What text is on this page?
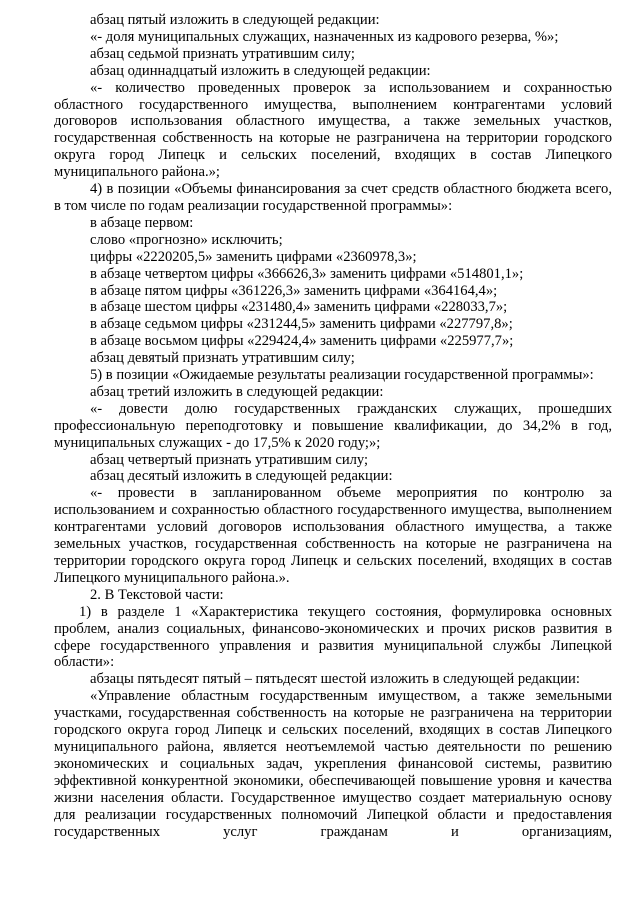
абзац пятый изложить в следующей редакции:

«- доля муниципальных служащих, назначенных из кадрового резерва, %»;

абзац седьмой признать утратившим силу;

абзац одиннадцатый изложить в следующей редакции:

«- количество проведенных проверок за использованием и сохранностью областного государственного имущества, выполнением контрагентами условий договоров использования областного имущества, а также земельных участков, государственная собственность на которые не разграничена на территории городского округа город Липецк и сельских поселений, входящих в состав Липецкого муниципального района.»;

4) в позиции «Объемы финансирования за счет средств областного бюджета всего, в том числе по годам реализации государственной программы»:

в абзаце первом:

слово «прогнозно» исключить;

цифры «2220205,5» заменить цифрами «2360978,3»;

в абзаце четвертом цифры «366626,3» заменить цифрами «514801,1»;

в абзаце пятом цифры «361226,3» заменить цифрами «364164,4»;

в абзаце шестом цифры «231480,4» заменить цифрами «228033,7»;

в абзаце седьмом цифры «231244,5» заменить цифрами «227797,8»;

в абзаце восьмом цифры «229424,4» заменить цифрами «225977,7»;

абзац девятый признать утратившим силу;

5) в позиции «Ожидаемые результаты реализации государственной программы»:

абзац третий изложить в следующей редакции:

«- довести долю государственных гражданских служащих, прошедших профессиональную переподготовку и повышение квалификации, до 34,2% в год, муниципальных служащих - до 17,5% к 2020 году;»;

абзац четвертый признать утратившим силу;

абзац десятый изложить в следующей редакции:

«- провести в запланированном объеме мероприятия по контролю за использованием и сохранностью областного государственного имущества, выполнением контрагентами условий договоров использования областного имущества, а также земельных участков, государственная собственность на которые не разграничена на территории городского округа город Липецк и сельских поселений, входящих в состав Липецкого муниципального района.».

2. В Текстовой части:

1) в разделе 1 «Характеристика текущего состояния, формулировка основных проблем, анализ социальных, финансово-экономических и прочих рисков развития в сфере государственного управления и развития муниципальной службы Липецкой области»:

абзацы пятьдесят пятый – пятьдесят шестой изложить в следующей редакции:

«Управление областным государственным имуществом, а также земельными участками, государственная собственность на которые не разграничена на территории городского округа город Липецк и сельских поселений, входящих в состав Липецкого муниципального района, является неотъемлемой частью деятельности по решению экономических и социальных задач, укрепления финансовой системы, развитию эффективной конкурентной экономики, обеспечивающей повышение уровня и качества жизни населения области. Государственное имущество создает материальную основу для реализации государственных полномочий Липецкой области и предоставления государственных услуг гражданам и организациям,
